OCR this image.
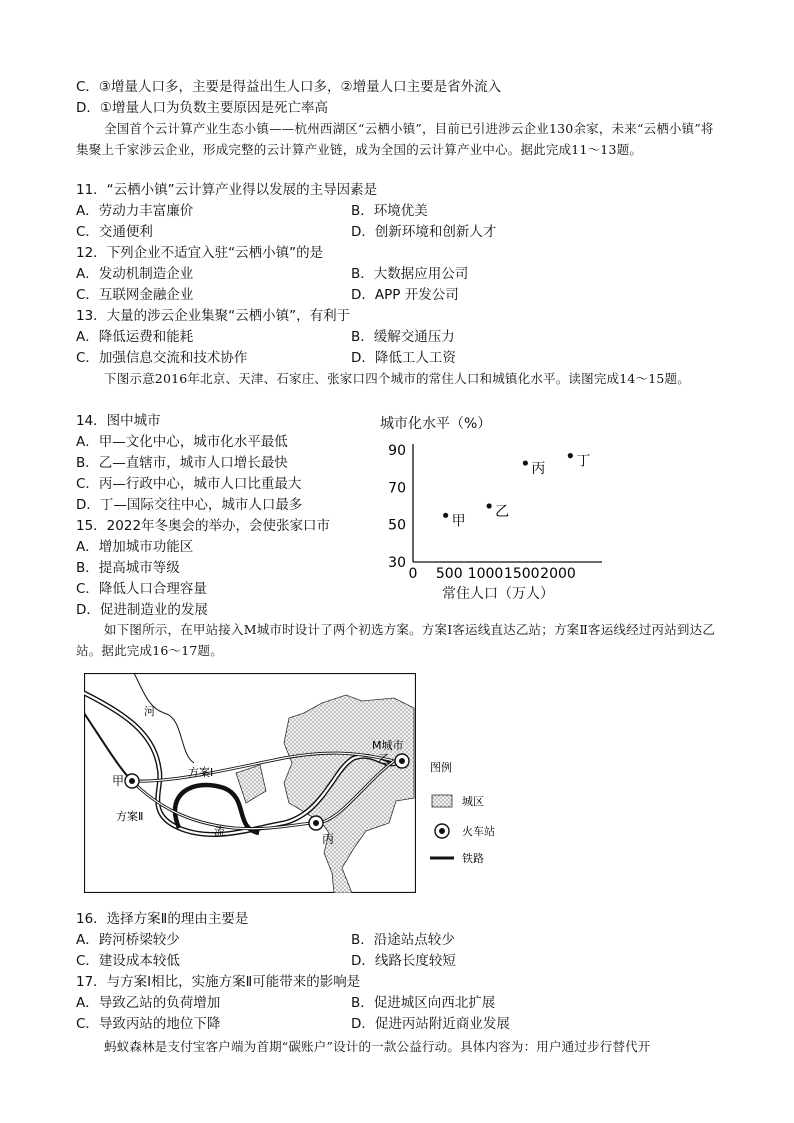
C．③增量人口多，主要是得益出生人口多，②增量人口主要是省外流入
D．①增量人口为负数主要原因是死亡率高
全国首个云计算产业生态小镇——杭州西湖区“云栖小镇”，目前已引进涉云企业130余家，未来“云栖小镇”将集聚上千家涉云企业，形成完整的云计算产业链，成为全国的云计算产业中心。据此完成11～13题。
11．“云栖小镇”云计算产业得以发展的主导因素是
A．劳动力丰富廉价	B．环境优美
C．交通便利	D．创新环境和创新人才
12．下列企业不适宜入驻“云栖小镇”的是
A．发动机制造企业	B．大数据应用公司
C．互联网金融企业	D．APP 开发公司
13．大量的涉云企业集聚“云栖小镇”，有利于
A．降低运费和能耗	B．缓解交通压力
C．加强信息交流和技术协作	D．降低工人工资
下图示意2016年北京、天津、石家庄、张家口四个城市的常住人口和城镇化水平。读图完成14～15题。
14．图中城市
A．甲—文化中心，城市化水平最低
B．乙—直辖市，城市人口增长最快
C．丙—行政中心，城市人口比重最大
D．丁—国际交往中心，城市人口最多
15．2022年冬奥会的举办，会使张家口市
A．增加城市功能区
B．提高城市等级
C．降低人口合理容量
D．促进制造业的发展
城市化水平（%）
30
50
70
90
0 500 1000 1500 2000
甲
乙
丙 丁
常住人口（万人）
如下图所示，在甲站接入M城市时设计了两个初选方案。方案Ⅰ客运线直达乙站；方案Ⅱ客运线经过丙站到达乙站。据此完成16～17题。
河
流
方案Ⅰ
方案Ⅱ
甲
乙
丙
M城市
图例
城区
火车站
铁路
16．选择方案Ⅱ的理由主要是
A．跨河桥梁较少	B．沿途站点较少
C．建设成本较低	D．线路长度较短
17．与方案Ⅰ相比，实施方案Ⅱ可能带来的影响是
A．导致乙站的负荷增加	B．促进城区向西北扩展
C．导致丙站的地位下降	D．促进丙站附近商业发展
蚂蚁森林是支付宝客户端为首期“碳账户”设计的一款公益行动。具体内容为：用户通过步行替代开
